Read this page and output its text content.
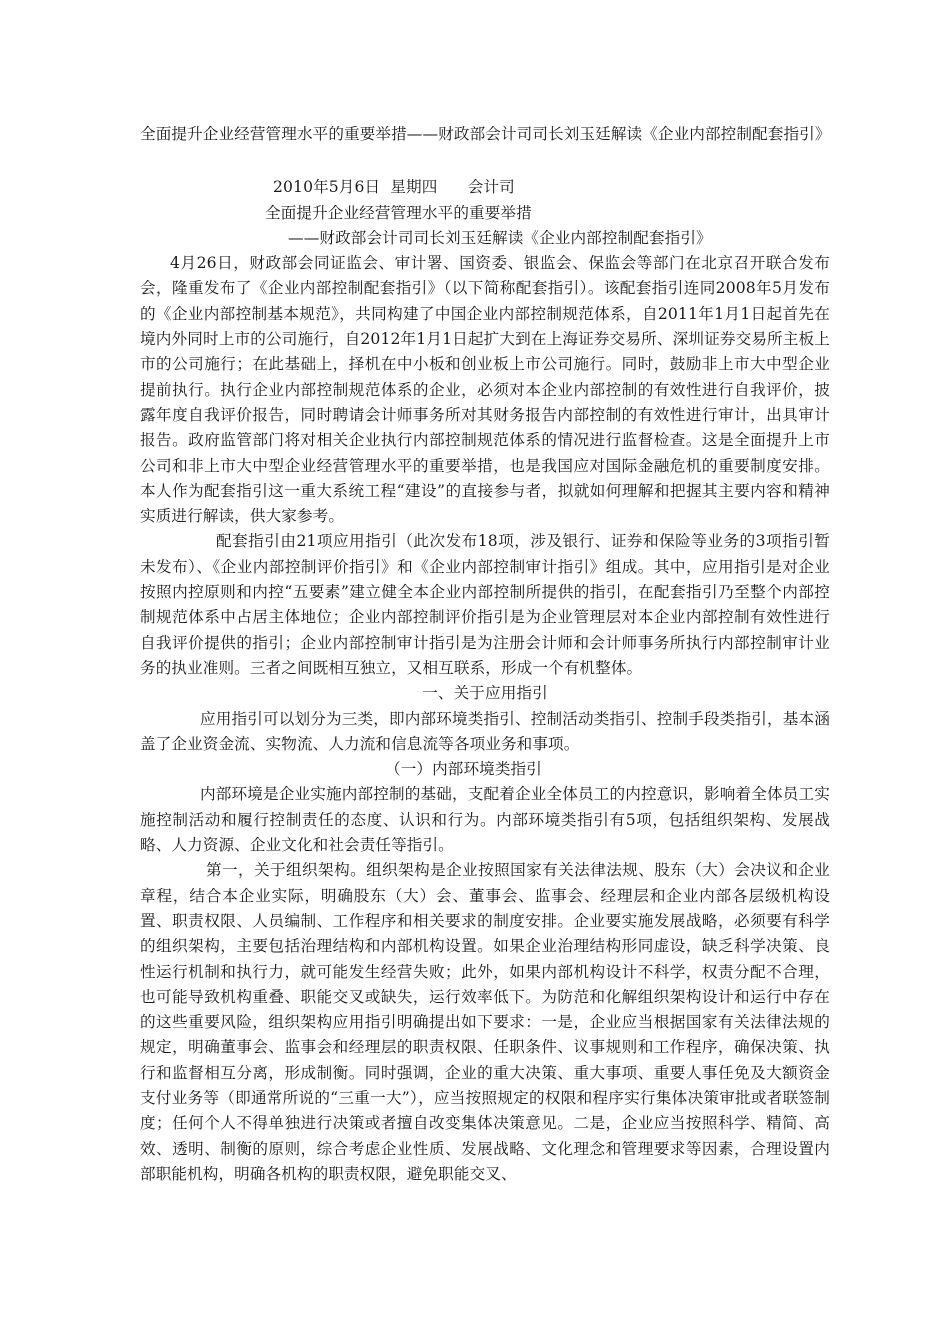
全面提升企业经营管理水平的重要举措——财政部会计司司长刘玉廷解读《企业内部控制配套指引》
2010年5月6日  星期四      会计司
全面提升企业经营管理水平的重要举措
——财政部会计司司长刘玉廷解读《企业内部控制配套指引》

4月26日，财政部会同证监会、审计署、国资委、银监会、保监会等部门在北京召开联合发布会，隆重发布了《企业内部控制配套指引》（以下简称配套指引）。该配套指引连同2008年5月发布的《企业内部控制基本规范》，共同构建了中国企业内部控制规范体系，自2011年1月1日起首先在境内外同时上市的公司施行，自2012年1月1日起扩大到在上海证券交易所、深圳证券交易所主板上市的公司施行；在此基础上，择机在中小板和创业板上市公司施行。同时，鼓励非上市大中型企业提前执行。执行企业内部控制规范体系的企业，必须对本企业内部控制的有效性进行自我评价，披露年度自我评价报告，同时聘请会计师事务所对其财务报告内部控制的有效性进行审计，出具审计报告。政府监管部门将对相关企业执行内部控制规范体系的情况进行监督检查。这是全面提升上市公司和非上市大中型企业经营管理水平的重要举措，也是我国应对国际金融危机的重要制度安排。本人作为配套指引这一重大系统工程“建设”的直接参与者，拟就如何理解和把握其主要内容和精神实质进行解读，供大家参考。

配套指引由21项应用指引（此次发布18项，涉及银行、证券和保险等业务的3项指引暂未发布）、《企业内部控制评价指引》和《企业内部控制审计指引》组成。其中，应用指引是对企业按照内控原则和内控“五要素”建立健全本企业内部控制所提供的指引，在配套指引乃至整个内部控制规范体系中占居主体地位；企业内部控制评价指引是为企业管理层对本企业内部控制有效性进行自我评价提供的指引；企业内部控制审计指引是为注册会计师和会计师事务所执行内部控制审计业务的执业准则。三者之间既相互独立，又相互联系，形成一个有机整体。

一、关于应用指引

应用指引可以划分为三类，即内部环境类指引、控制活动类指引、控制手段类指引，基本涵盖了企业资金流、实物流、人力流和信息流等各项业务和事项。

（一）内部环境类指引

内部环境是企业实施内部控制的基础，支配着企业全体员工的内控意识，影响着全体员工实施控制活动和履行控制责任的态度、认识和行为。内部环境类指引有5项，包括组织架构、发展战略、人力资源、企业文化和社会责任等指引。

第一，关于组织架构。组织架构是企业按照国家有关法律法规、股东（大）会决议和企业章程，结合本企业实际，明确股东（大）会、董事会、监事会、经理层和企业内部各层级机构设置、职责权限、人员编制、工作程序和相关要求的制度安排。企业要实施发展战略，必须要有科学的组织架构，主要包括治理结构和内部机构设置。如果企业治理结构形同虚设，缺乏科学决策、良性运行机制和执行力，就可能发生经营失败；此外，如果内部机构设计不科学，权责分配不合理，也可能导致机构重叠、职能交叉或缺失，运行效率低下。为防范和化解组织架构设计和运行中存在的这些重要风险，组织架构应用指引明确提出如下要求：一是，企业应当根据国家有关法律法规的规定，明确董事会、监事会和经理层的职责权限、任职条件、议事规则和工作程序，确保决策、执行和监督相互分离，形成制衡。同时强调，企业的重大决策、重大事项、重要人事任免及大额资金支付业务等（即通常所说的“三重一大”），应当按照规定的权限和程序实行集体决策审批或者联签制度；任何个人不得单独进行决策或者擅自改变集体决策意见。二是，企业应当按照科学、精简、高效、透明、制衡的原则，综合考虑企业性质、发展战略、文化理念和管理要求等因素，合理设置内部职能机构，明确各机构的职责权限，避免职能交叉、
